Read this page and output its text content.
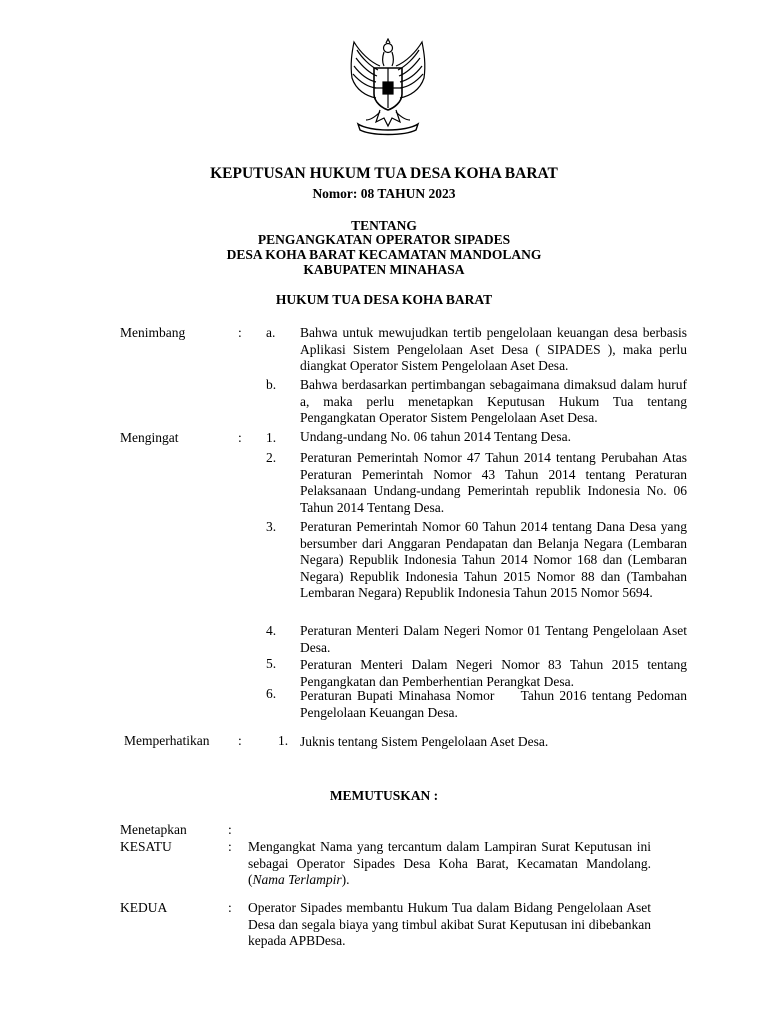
KEPUTUSAN HUKUM TUA DESA KOHA BARAT
Nomor: 08 TAHUN 2023
TENTANG
PENGANGKATAN OPERATOR SIPADES
DESA KOHA BARAT KECAMATAN MANDOLANG
KABUPATEN MINAHASA
HUKUM TUA DESA KOHA BARAT
Menimbang	: a. Bahwa untuk mewujudkan tertib pengelolaan keuangan desa berbasis Aplikasi Sistem Pengelolaan Aset Desa ( SIPADES ), maka perlu diangkat Operator Sistem Pengelolaan Aset Desa.
b. Bahwa berdasarkan pertimbangan sebagaimana dimaksud dalam huruf a, maka perlu menetapkan Keputusan Hukum Tua tentang Pengangkatan Operator Sistem Pengelolaan Aset Desa.
Mengingat	: 1. Undang-undang No. 06 tahun 2014 Tentang Desa.
2. Peraturan Pemerintah Nomor 47 Tahun 2014 tentang Perubahan Atas Peraturan Pemerintah Nomor 43 Tahun 2014 tentang Peraturan Pelaksanaan Undang-undang Pemerintah republik Indonesia No. 06 Tahun 2014 Tentang Desa.
3. Peraturan Pemerintah Nomor 60 Tahun 2014 tentang Dana Desa yang bersumber dari Anggaran Pendapatan dan Belanja Negara (Lembaran Negara) Republik Indonesia Tahun 2014 Nomor 168 dan (Lembaran Negara) Republik Indonesia Tahun 2015 Nomor 88 dan (Tambahan Lembaran Negara) Republik Indonesia Tahun 2015 Nomor 5694.
4. Peraturan Menteri Dalam Negeri Nomor 01 Tentang Pengelolaan Aset Desa.
5. Peraturan Menteri Dalam Negeri Nomor 83 Tahun 2015 tentang Pengangkatan dan Pemberhentian Perangkat Desa.
6. Peraturan Bupati Minahasa Nomor     Tahun 2016 tentang Pedoman Pengelolaan Keuangan Desa.
Memperhatikan :	1. Juknis tentang Sistem Pengelolaan Aset Desa.
MEMUTUSKAN :
Menetapkan	:
KESATU	: Mengangkat Nama yang tercantum dalam Lampiran Surat Keputusan ini sebagai Operator Sipades Desa Koha Barat, Kecamatan Mandolang. (Nama Terlampir).
KEDUA	: Operator Sipades membantu Hukum Tua dalam Bidang Pengelolaan Aset Desa dan segala biaya yang timbul akibat Surat Keputusan ini dibebankan kepada APBDesa.
